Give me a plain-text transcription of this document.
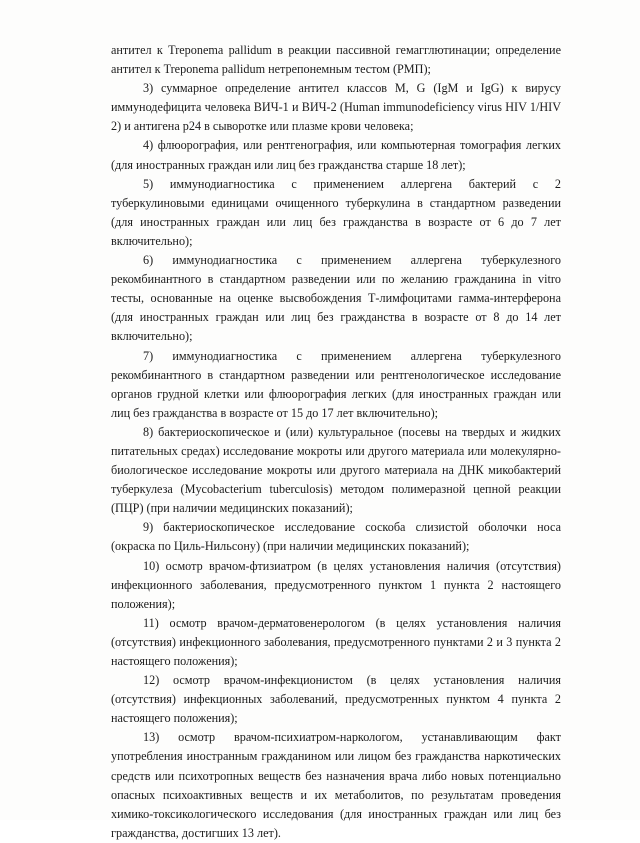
антител к Treponema pallidum в реакции пассивной гемагглютинации; определение антител к Treponema pallidum нетрепонемным тестом (РМП);

3) суммарное определение антител классов M, G (IgM и IgG) к вирусу иммунодефицита человека ВИЧ-1 и ВИЧ-2 (Human immunodeficiency virus HIV 1/HIV 2) и антигена p24 в сыворотке или плазме крови человека;

4) флюорография, или рентгенография, или компьютерная томография легких (для иностранных граждан или лиц без гражданства старше 18 лет);

5) иммунодиагностика с применением аллергена бактерий с 2 туберкулиновыми единицами очищенного туберкулина в стандартном разведении (для иностранных граждан или лиц без гражданства в возрасте от 6 до 7 лет включительно);

6) иммунодиагностика с применением аллергена туберкулезного рекомбинантного в стандартном разведении или по желанию гражданина in vitro тесты, основанные на оценке высвобождения Т-лимфоцитами гамма-интерферона (для иностранных граждан или лиц без гражданства в возрасте от 8 до 14 лет включительно);

7) иммунодиагностика с применением аллергена туберкулезного рекомбинантного в стандартном разведении или рентгенологическое исследование органов грудной клетки или флюорография легких (для иностранных граждан или лиц без гражданства в возрасте от 15 до 17 лет включительно);

8) бактериоскопическое и (или) культуральное (посевы на твердых и жидких питательных средах) исследование мокроты или другого материала или молекулярно-биологическое исследование мокроты или другого материала на ДНК микобактерий туберкулеза (Mycobacterium tuberculosis) методом полимеразной цепной реакции (ПЦР) (при наличии медицинских показаний);

9) бактериоскопическое исследование соскоба слизистой оболочки носа (окраска по Циль-Нильсону) (при наличии медицинских показаний);

10) осмотр врачом-фтизиатром (в целях установления наличия (отсутствия) инфекционного заболевания, предусмотренного пунктом 1 пункта 2 настоящего положения);

11) осмотр врачом-дерматовенерологом (в целях установления наличия (отсутствия) инфекционного заболевания, предусмотренного пунктами 2 и 3 пункта 2 настоящего положения);

12) осмотр врачом-инфекционистом (в целях установления наличия (отсутствия) инфекционных заболеваний, предусмотренных пунктом 4 пункта 2 настоящего положения);

13) осмотр врачом-психиатром-наркологом, устанавливающим факт употребления иностранным гражданином или лицом без гражданства наркотических средств или психотропных веществ без назначения врача либо новых потенциально опасных психоактивных веществ и их метаболитов, по результатам проведения химико-токсикологического исследования (для иностранных граждан или лиц без гражданства, достигших 13 лет).
